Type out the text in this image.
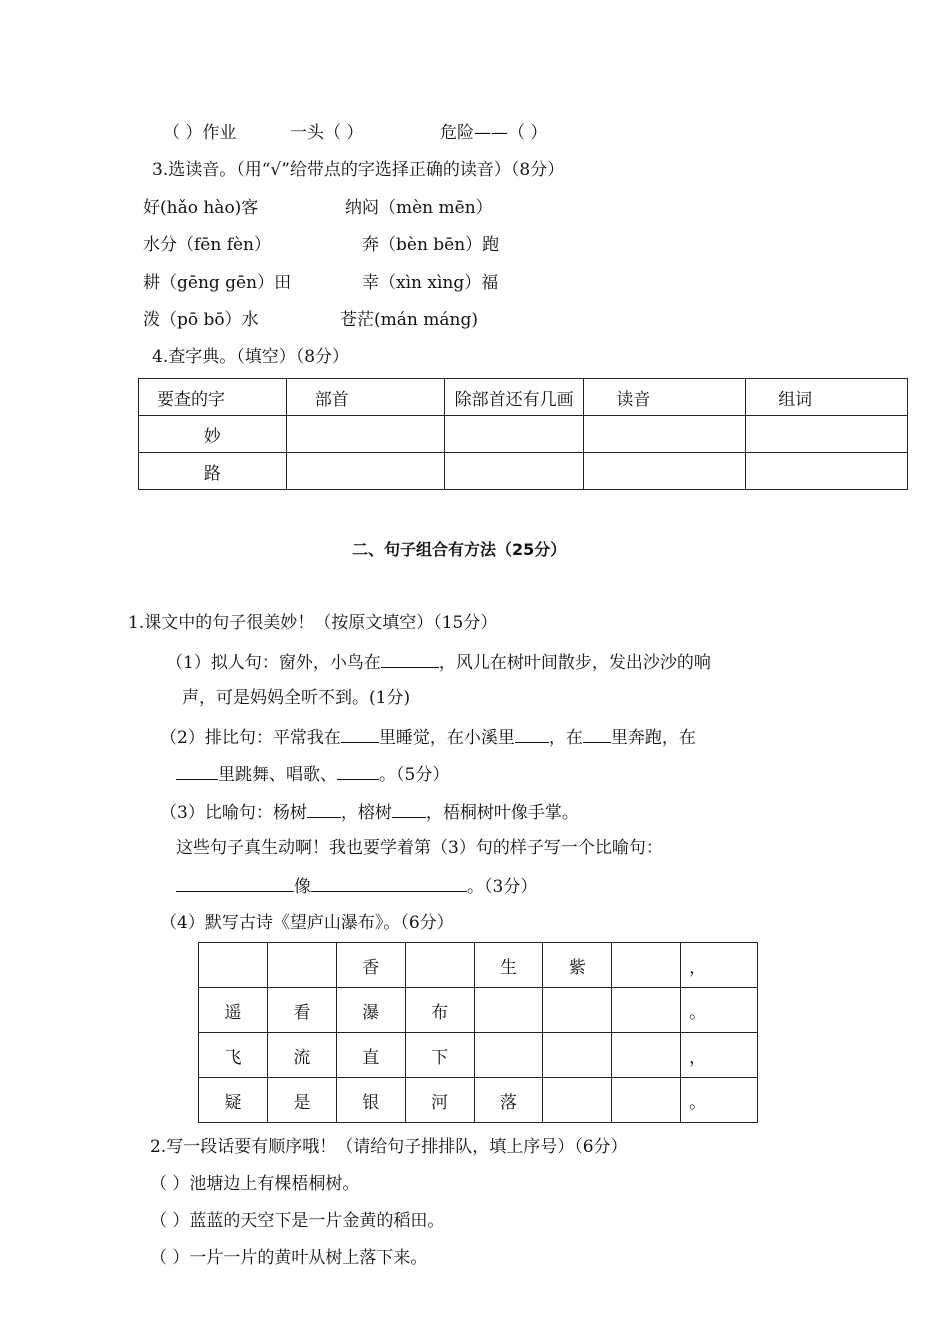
（ ）作业	一头（ ）	危险——（ ）
3.选读音。（用“√”给带点的字选择正确的读音）（8分）
好(hǎo hào)客	纳闷（mèn mēn）
水分（fēn fèn）	奔（bèn bēn）跑
耕（gēng gēn）田	幸（xìn xìng）福
泼（pō bō）水	苍茫(mán máng)
4.查字典。（填空）（8分）
要查的字	部首	除部首还有几画	读音	组词
妙				
路				
二、句子组合有方法（25分）
1.课文中的句子很美妙！（按原文填空）（15分）
（1）拟人句：窗外，小鸟在	，风儿在树叶间散步，发出沙沙的响
声，可是妈妈全听不到。(1分)
（2）排比句：平常我在 里睡觉，在小溪里 ，在 里奔跑，在
里跳舞、唱歌、 。（5分）
（3）比喻句：杨树 ，榕树 ，梧桐树叶像手掌。
这些句子真生动啊！我也要学着第（3）句的样子写一个比喻句：
像	。（3分）
（4）默写古诗《望庐山瀑布》。（6分）
		香		生	紫		，
遥	看	瀑	布				。
飞	流	直	下				，
疑	是	银	河	落			。
2.写一段话要有顺序哦！（请给句子排排队，填上序号）（6分）
（ ）池塘边上有棵梧桐树。
（ ）蓝蓝的天空下是一片金黄的稻田。
（ ）一片一片的黄叶从树上落下来。
